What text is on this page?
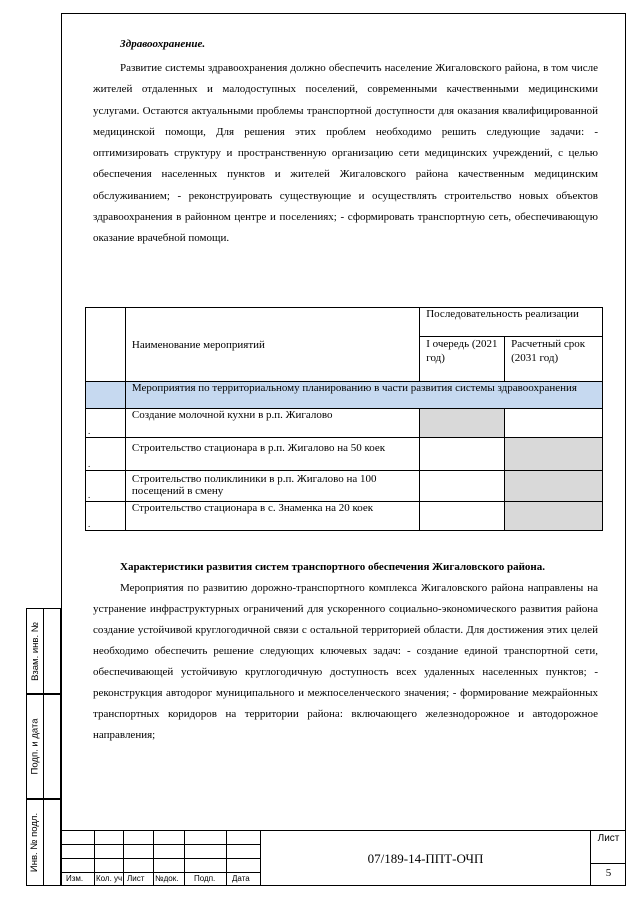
Здравоохранение.

Развитие системы здравоохранения должно обеспечить население Жигаловского района, в том числе жителей отдаленных и малодоступных поселений, современными качественными медицинскими услугами. Остаются актуальными проблемы транспортной доступности для оказания квалифицированной медицинской помощи, Для решения этих проблем необходимо решить следующие задачи: - оптимизировать структуру и пространственную организацию сети медицинских учреждений, с целью обеспечения населенных пунктов и жителей Жигаловского района качественным медицинским обслуживанием; - реконструировать существующие и осуществлять строительство новых объектов здравоохранения в районном центре и поселениях; - сформировать транспортную сеть, обеспечивающую оказание врачебной помощи.

	Наименование мероприятий	Последовательность реализации	
		I очередь (2021 год)	Расчетный срок (2031 год)
	Мероприятия по территориальному планированию в части развития системы здравоохранения		
.	Создание молочной кухни в р.п. Жигалово		
.	Строительство стационара в р.п. Жигалово на 50 коек		
.	Строительство поликлиники в р.п. Жигалово на 100 посещений в смену		
.	Строительство стационара в с. Знаменка на 20 коек		

Характеристики развития систем транспортного обеспечения Жигаловского района.

Мероприятия по развитию дорожно-транспортного комплекса Жигаловского района направлены на устранение инфраструктурных ограничений для ускоренного социально-экономического развития района создание устойчивой круглогодичной связи с остальной территорией области. Для достижения этих целей необходимо обеспечить решение следующих ключевых задач: - создание единой транспортной сети, обеспечивающей устойчивую круглогодичную доступность всех удаленных населенных пунктов; - реконструкция автодорог муниципального и межпоселенческого значения; - формирование межрайонных транспортных коридоров на территории района: включающего железнодорожное и автодорожное направления;

Взам. инв. №
Подп. и дата
Инв. № подл.
Изм. Кол. уч Лист №док. Подп. Дата
07/189-14-ППТ-ОЧП
Лист
5
